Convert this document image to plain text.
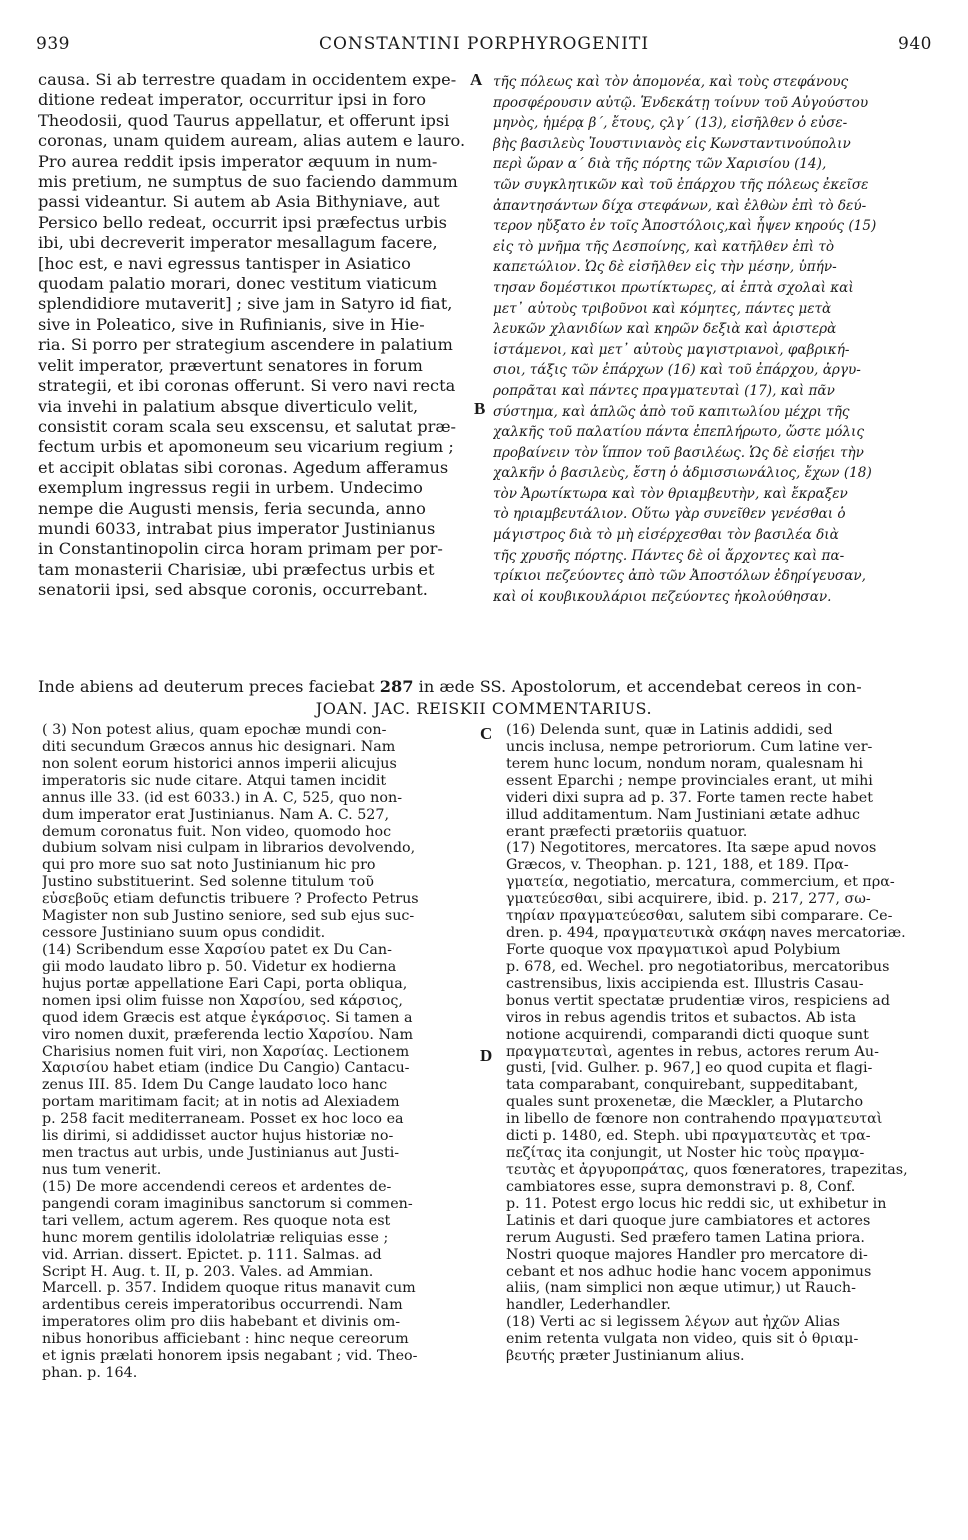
939	CONSTANTINI PORPHYROGENITI	940
causa. Si ab terrestre quadam in occidentem expe-
ditione redeat imperator, occurritur ipsi in foro
Theodosii, quod Taurus appellatur, et offerunt ipsi
coronas, unam quidem auream, alias autem e lauro.
Pro aurea reddit ipsis imperator æquum in num-
mis pretium, ne sumptus de suo faciendo dammum
passi videantur. Si autem ab Asia Bithyniave, aut
Persico bello redeat, occurrit ipsi præfectus urbis
ibi, ubi decreverit imperator mesallagum facere,
[hoc est, e navi egressus tantisper in Asiatico
quodam palatio morari, donec vestitum viaticum
splendidiore mutaverit] ; sive jam in Satyro id fiat,
sive in Poleatico, sive in Rufinianis, sive in Hie-
ria. Si porro per strategium ascendere in palatium
velit imperator, prævertunt senatores in forum
strategii, et ibi coronas offerunt. Si vero navi recta
via invehi in palatium absque diverticulo velit,
consistit coram scala seu exscensu, et salutat præ-
fectum urbis et apomoneum seu vicarium regium ;
et accipit oblatas sibi coronas. Agedum afferamus
exemplum ingressus regii in urbem. Undecimo
nempe die Augusti mensis, feria secunda, anno
mundi 6033, intrabat pius imperator Justinianus
in Constantinopolin circa horam primam per por-
tam monasterii Charisiæ, ubi præfectus urbis et
senatorii ipsi, sed absque coronis, occurrebant.
τῆς πόλεως καὶ τὸν ἀπομονέα, καὶ τοὺς στεφάνους
προσφέρουσιν αὐτῷ. Ἑνδεκάτῃ τοίνυν τοῦ Αὐγούστου
μηνὸς, ἡμέρᾳ β΄, ἔτους, ςλγ΄ (13), εἰσῆλθεν ὁ εὐσε-
βὴς βασιλεὺς Ἰουστινιανὸς εἰς Κωνσταντινούπολιν
περὶ ὥραν α΄ διὰ τῆς πόρτης τῶν Χαρισίου (14),
τῶν συγκλητικῶν καὶ τοῦ ἐπάρχου τῆς πόλεως ἐκεῖσε
ἀπαντησάντων δίχα στεφάνων, καὶ ἐλθὼν ἐπὶ τὸ δεύ-
τερον ηὔξατο ἐν τοῖς Ἀποστόλοις,καὶ ἧψεν κηρούς (15)
εἰς τὸ μνῆμα τῆς Δεσποίνης, καὶ κατῆλθεν ἐπὶ τὸ
καπετώλιον. Ὡς δὲ εἰσῆλθεν εἰς τὴν μέσην, ὑπήν-
τησαν δομέστικοι πρωτίκτωρες, αἱ ἑπτὰ σχολαὶ καὶ
μετ᾽ αὐτοὺς τριβοῦνοι καὶ κόμητες, πάντες μετὰ
λευκῶν χλανιδίων καὶ κηρῶν δεξιὰ καὶ ἀριστερὰ
ἱστάμενοι, καὶ μετ᾽ αὐτοὺς μαγιστριανοὶ, φαβρική-
σιοι, τάξις τῶν ἐπάρχων (16) καὶ τοῦ ἐπάρχου, ἀργυ-
ροπρᾶται καὶ πάντες πραγματευταὶ (17), καὶ πᾶν
σύστημα, καὶ ἁπλῶς ἀπὸ τοῦ καπιτωλίου μέχρι τῆς
χαλκῆς τοῦ παλατίου πάντα ἐπεπλήρωτο, ὥστε μόλις
προβαίνειν τὸν ἵππον τοῦ βασιλέως. Ὡς δὲ εἰσῄει τὴν
χαλκῆν ὁ βασιλεὺς, ἔστη ὁ ἀδμισσιωνάλιος, ἔχων (18)
τὸν Ἀρωτίκτωρα καὶ τὸν θριαμβευτὴν, καὶ ἔκραξεν
τὸ ηριαμβευτάλιον. Οὕτω γὰρ συνεῖθεν γενέσθαι ὁ
μάγιστρος διὰ τὸ μὴ εἰσέρχεσθαι τὸν βασιλέα διὰ
τῆς χρυσῆς πόρτης. Πάντες δὲ οἱ ἄρχοντες καὶ πα-
τρίκιοι πεζεύοντες ἀπὸ τῶν Ἀποστόλων ἐδηρίγευσαν,
καὶ οἱ κουβικουλάριοι πεζεύοντες ἠκολούθησαν.
A
B
C
D
Inde abiens ad deuterum preces faciebat 287 in æde SS. Apostolorum, et accendebat cereos in con-
JOAN. JAC. REISKII COMMENTARIUS.
( 3) Non potest alius, quam epochæ mundi con-
diti secundum Græcos annus hic designari. Nam
non solent eorum historici annos imperii alicujus
imperatoris sic nude citare. Atqui tamen incidit
annus ille 33. (id est 6033.) in A. C, 525, quo non-
dum imperator erat Justinianus. Nam A. C. 527,
demum coronatus fuit. Non video, quomodo hoc
dubium solvam nisi culpam in librarios devolvendo,
qui pro more suo sat noto Justinianum hic pro
Justino substituerint. Sed solenne titulum τοῦ
εὐσεβοῦς etiam defunctis tribuere ? Profecto Petrus
Magister non sub Justino seniore, sed sub ejus suc-
cessore Justiniano suum opus condidit.
(14) Scribendum esse Χαρσίου patet ex Du Can-
gii modo laudato libro p. 50. Videtur ex hodierna
hujus portæ appellatione Eari Capi, porta obliqua,
nomen ipsi olim fuisse non Χαρσίου, sed κάρσιος,
quod idem Græcis est atque ἐγκάρσιος. Si tamen a
viro nomen duxit, præferenda lectio Χαρσίου. Nam
Charisius nomen fuit viri, non Χαρσίας. Lectionem
Χαρισίου habet etiam (indice Du Cangio) Cantacu-
zenus III. 85. Idem Du Cange laudato loco hanc
portam maritimam facit; at in notis ad Alexiadem
p. 258 facit mediterraneam. Posset ex hoc loco ea
lis dirimi, si addidisset auctor hujus historiæ no-
men tractus aut urbis, unde Justinianus aut Justi-
nus tum venerit.
(15) De more accendendi cereos et ardentes de-
pangendi coram imaginibus sanctorum si commen-
tari vellem, actum agerem. Res quoque nota est
hunc morem gentilis idololatriæ reliquias esse ;
vid. Arrian. dissert. Epictet. p. 111. Salmas. ad
Script H. Aug. t. II, p. 203. Vales. ad Ammian.
Marcell. p. 357. Indidem quoque ritus manavit cum
ardentibus cereis imperatoribus occurrendi. Nam
imperatores olim pro diis habebant et divinis om-
nibus honoribus afficiebant : hinc neque cereorum
et ignis prælati honorem ipsis negabant ; vid. Theo-
phan. p. 164.
(16) Delenda sunt, quæ in Latinis addidi, sed
uncis inclusa, nempe petroriorum. Cum latine ver-
terem hunc locum, nondum noram, qualesnam hi
essent Eparchi ; nempe provinciales erant, ut mihi
videri dixi supra ad p. 37. Forte tamen recte habet
illud additamentum. Nam Justiniani ætate adhuc
erant præfecti prætoriis quatuor.
(17) Negotitores, mercatores. Ita sæpe apud novos
Græcos, v. Theophan. p. 121, 188, et 189. Πρα-
γματεία, negotiatio, mercatura, commercium, et πρα-
γματεύεσθαι, sibi acquirere, ibid. p. 217, 277, σω-
τηρίαν πραγματεύεσθαι, salutem sibi comparare. Ce-
dren. p. 494, πραγματευτικὰ σκάφη naves mercatoriæ.
Forte quoque vox πραγματικοὶ apud Polybium
p. 678, ed. Wechel. pro negotiatoribus, mercatoribus
castrensibus, lixis accipienda est. Illustris Casau-
bonus vertit spectatæ prudentiæ viros, respiciens ad
viros in rebus agendis tritos et subactos. Ab ista
notione acquirendi, comparandi dicti quoque sunt
πραγματευταὶ, agentes in rebus, actores rerum Au-
gusti, [vid. Gulher. p. 967,] eo quod cupita et flagi-
tata comparabant, conquirebant, suppeditabant,
quales sunt proxenetæ, die Mæckler, a Plutarcho
in libello de fœnore non contrahendo πραγματευταὶ
dicti p. 1480, ed. Steph. ubi πραγματευτὰς et τρα-
πεζίτας ita conjungit, ut Noster hic τοὺς πραγμα-
τευτὰς et ἀργυροπράτας, quos fœneratores, trapezitas,
cambiatores esse, supra demonstravi p. 8, Conf.
p. 11. Potest ergo locus hic reddi sic, ut exhibetur in
Latinis et dari quoque jure cambiatores et actores
rerum Augusti. Sed præfero tamen Latina priora.
Nostri quoque majores Handler pro mercatore di-
cebant et nos adhuc hodie hanc vocem apponimus
aliis, (nam simplici non æque utimur,) ut Rauch-
handler, Lederhandler.
(18) Verti ac si legissem λέγων aut ἠχῶν Alias
enim retenta vulgata non video, quis sit ὁ θριαμ-
βευτής præter Justinianum alius.
